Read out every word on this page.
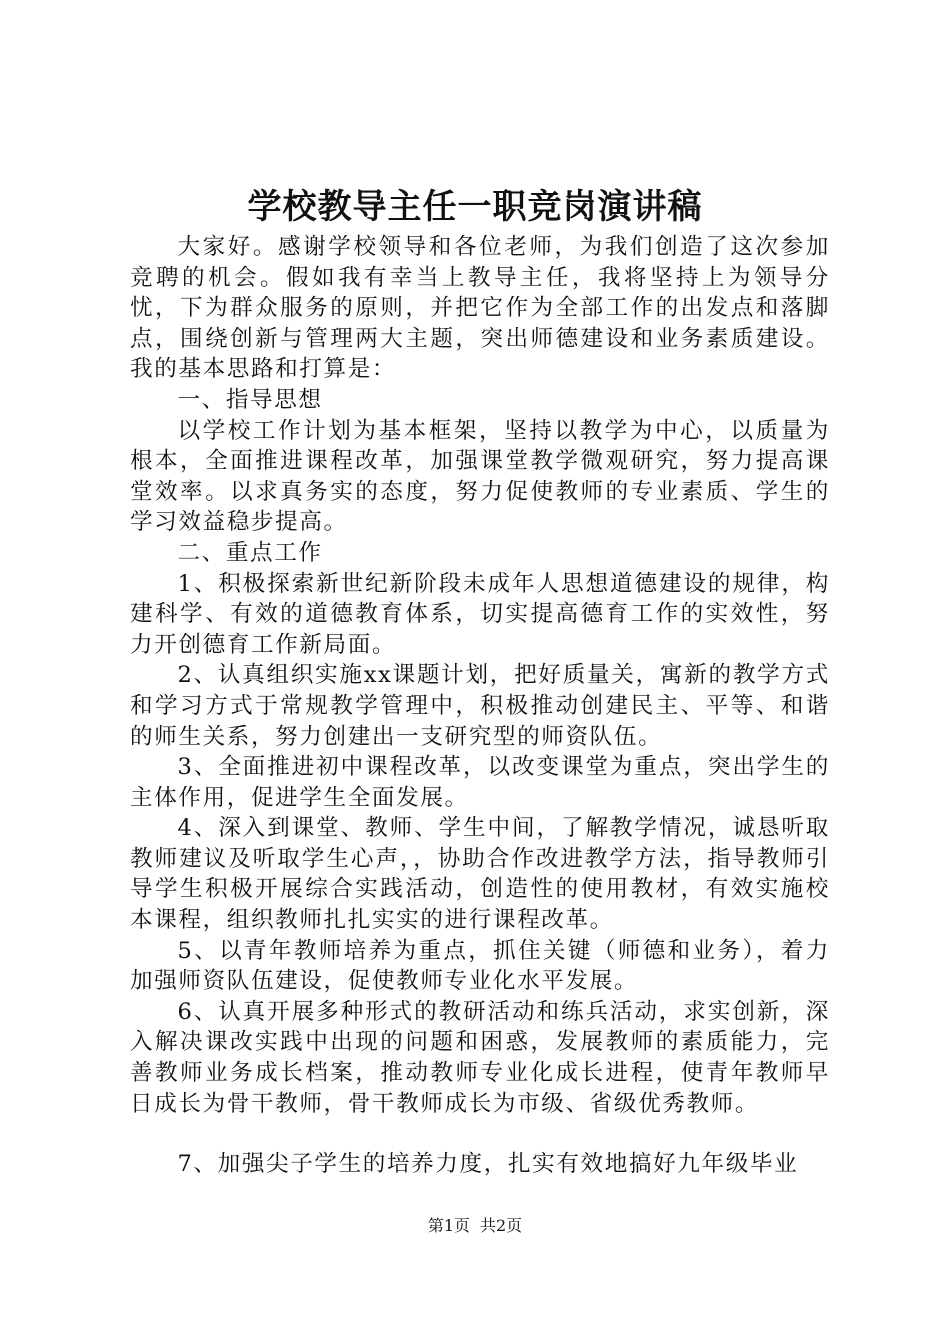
学校教导主任一职竞岗演讲稿

大家好。感谢学校领导和各位老师，为我们创造了这次参加竞聘的机会。假如我有幸当上教导主任，我将坚持上为领导分忧，下为群众服务的原则，并把它作为全部工作的出发点和落脚点，围绕创新与管理两大主题，突出师德建设和业务素质建设。我的基本思路和打算是：

一、指导思想

以学校工作计划为基本框架，坚持以教学为中心，以质量为根本，全面推进课程改革，加强课堂教学微观研究，努力提高课堂效率。以求真务实的态度，努力促使教师的专业素质、学生的学习效益稳步提高。

二、重点工作

1、积极探索新世纪新阶段未成年人思想道德建设的规律，构建科学、有效的道德教育体系，切实提高德育工作的实效性，努力开创德育工作新局面。

2、认真组织实施xx课题计划，把好质量关，寓新的教学方式和学习方式于常规教学管理中，积极推动创建民主、平等、和谐的师生关系，努力创建出一支研究型的师资队伍。

3、全面推进初中课程改革，以改变课堂为重点，突出学生的主体作用，促进学生全面发展。

4、深入到课堂、教师、学生中间，了解教学情况，诚恳听取教师建议及听取学生心声，，协助合作改进教学方法，指导教师引导学生积极开展综合实践活动，创造性的使用教材，有效实施校本课程，组织教师扎扎实实的进行课程改革。

5、以青年教师培养为重点，抓住关键（师德和业务），着力加强师资队伍建设，促使教师专业化水平发展。

6、认真开展多种形式的教研活动和练兵活动，求实创新，深入解决课改实践中出现的问题和困惑，发展教师的素质能力，完善教师业务成长档案，推动教师专业化成长进程，使青年教师早日成长为骨干教师，骨干教师成长为市级、省级优秀教师。

7、加强尖子学生的培养力度，扎实有效地搞好九年级毕业

第1页 共2页
